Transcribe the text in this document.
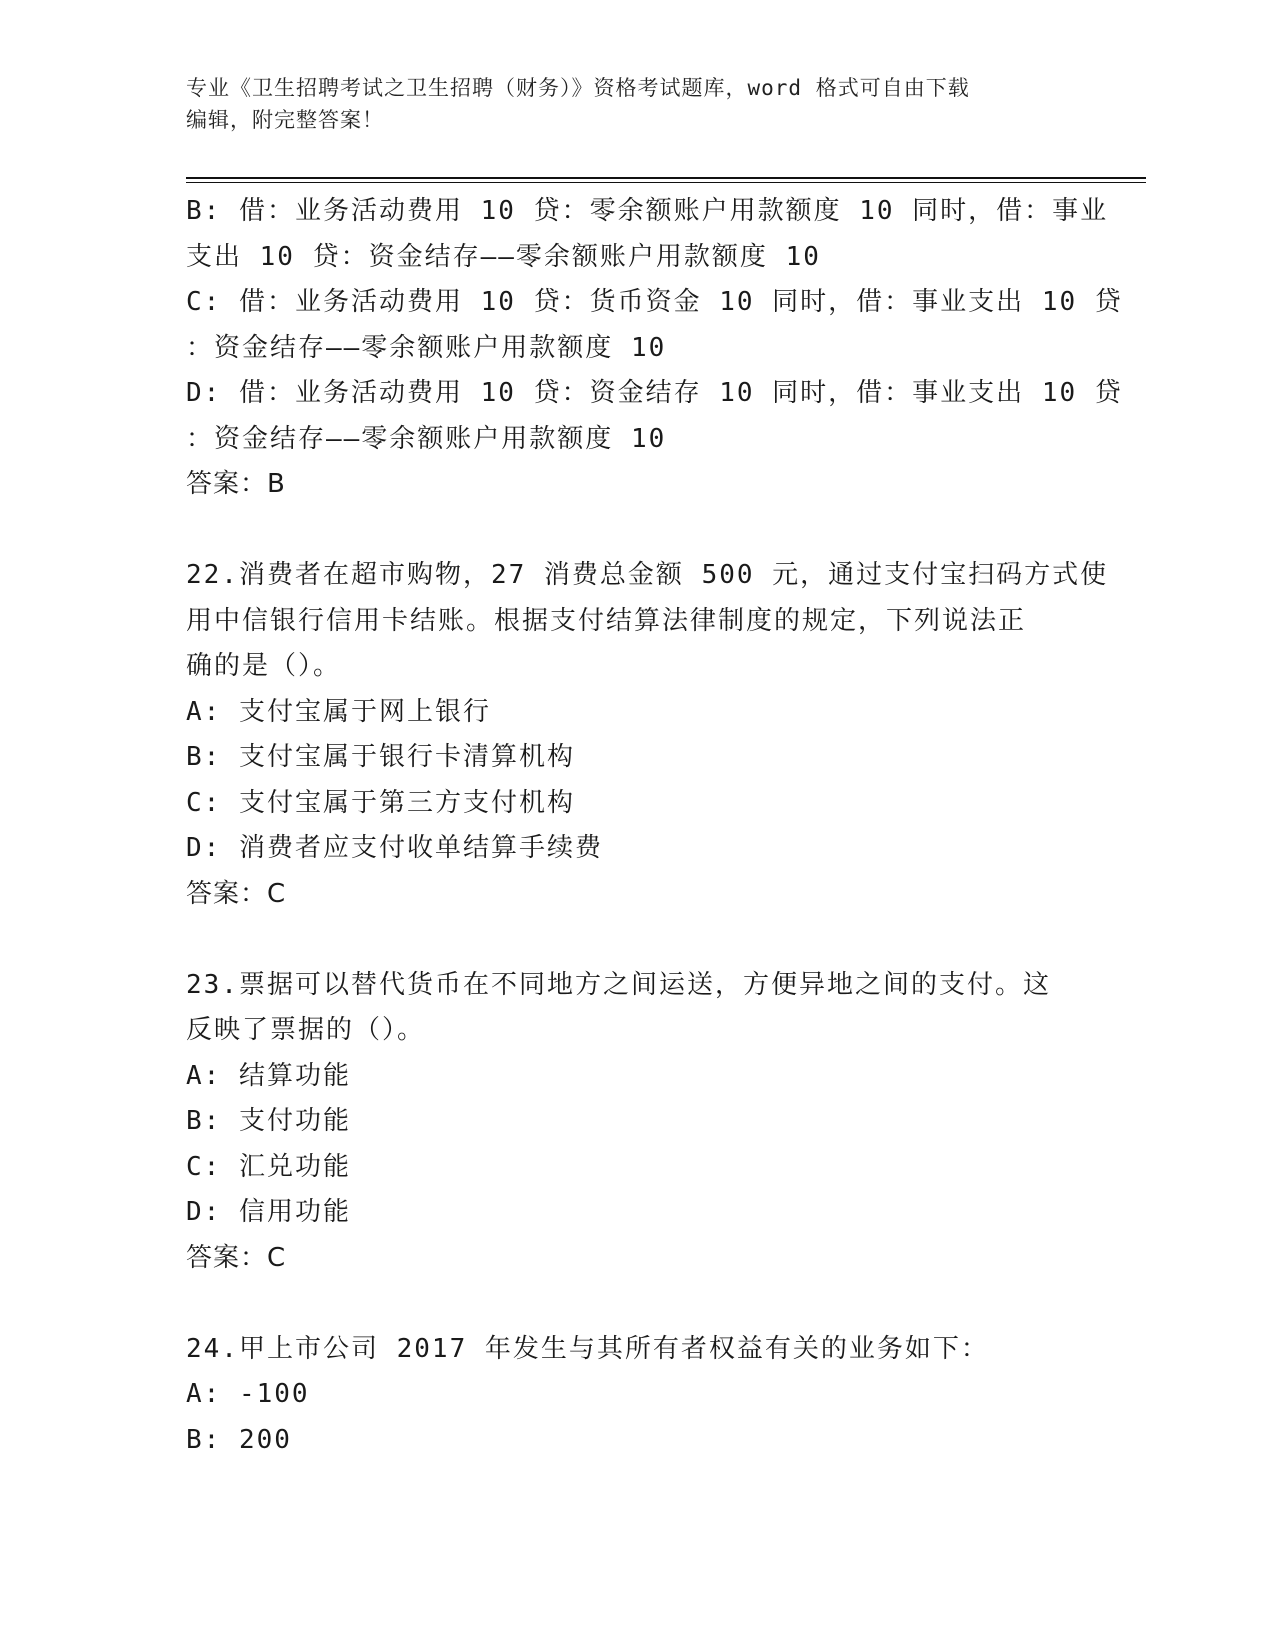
专业《卫生招聘考试之卫生招聘（财务）》资格考试题库，word 格式可自由下载
编辑，附完整答案！
B: 借：业务活动费用 10 贷：零余额账户用款额度 10 同时，借：事业
支出 10 贷：资金结存——零余额账户用款额度 10
C: 借：业务活动费用 10 贷：货币资金 10 同时，借：事业支出 10 贷
：资金结存——零余额账户用款额度 10
D: 借：业务活动费用 10 贷：资金结存 10 同时，借：事业支出 10 贷
：资金结存——零余额账户用款额度 10
答案：B
22.消费者在超市购物，27 消费总金额 500 元，通过支付宝扫码方式使
用中信银行信用卡结账。根据支付结算法律制度的规定，下列说法正
确的是（）。
A: 支付宝属于网上银行
B: 支付宝属于银行卡清算机构
C: 支付宝属于第三方支付机构
D: 消费者应支付收单结算手续费
答案：C
23.票据可以替代货币在不同地方之间运送，方便异地之间的支付。这
反映了票据的（）。
A: 结算功能
B: 支付功能
C: 汇兑功能
D: 信用功能
答案：C
24.甲上市公司 2017 年发生与其所有者权益有关的业务如下：
A: -100
B: 200
